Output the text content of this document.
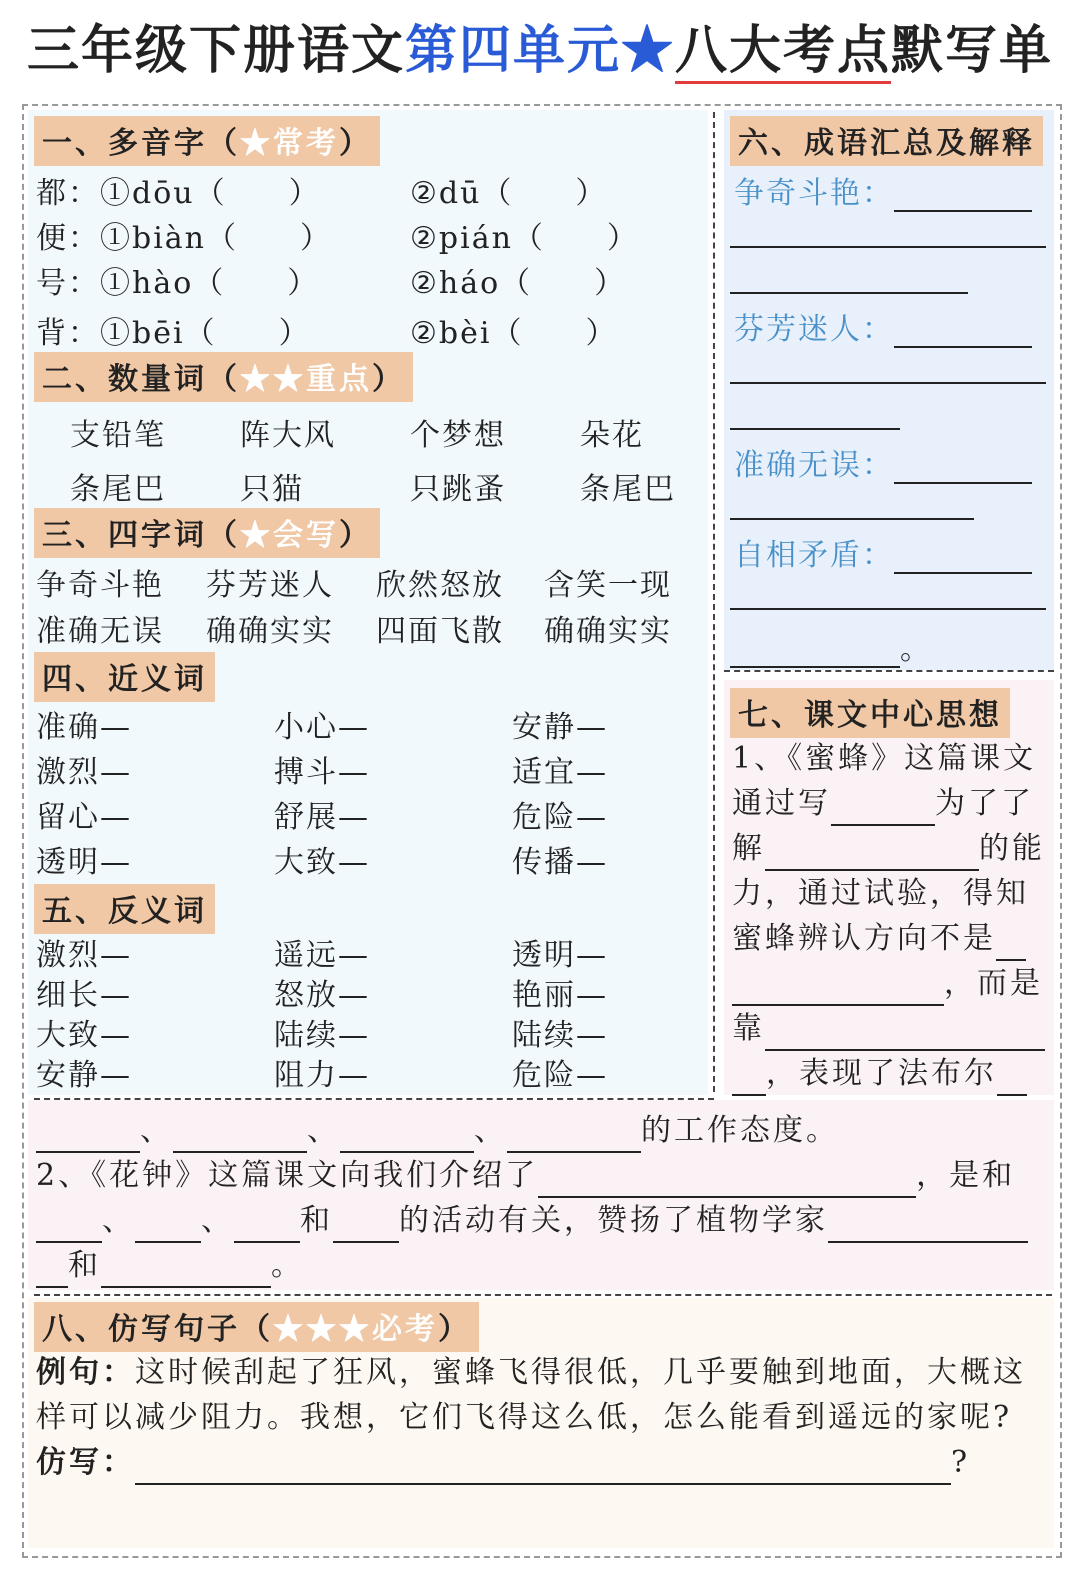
三年级下册语文第四单元★八大考点默写单
一、多音字（★常考）
都：①dōu（ ）	②dū（ ）
便：①biàn（ ）	②pián（ ）
号：①hào（ ）	②háo（ ）
背：①bēi（ ）	②bèi（ ）
二、数量词（★★重点）
支铅笔 阵大风 个梦想 朵花
条尾巴 只猫	只跳蚤 条尾巴
三、四字词（★会写）
争奇斗艳 芬芳迷人 欣然怒放 含笑一现
准确无误 确确实实 四面飞散 确确实实
四、近义词
准确—	小心—	安静—
激烈—	搏斗—	适宜—
留心—	舒展—	危险—
透明—	大致—	传播—
五、反义词
激烈—	遥远—	透明—
细长—	怒放—	艳丽—
大致—	陆续—	陆续—
安静—	阻力—	危险—
六、成语汇总及解释
争奇斗艳：
芬芳迷人：
准确无误：
自相矛盾：
。
七、课文中心思想
1、《蜜蜂》这篇课文
通过写	为了了
解	的能
力，通过试验，得知
蜜蜂辨认方向不是
，而是
靠
，表现了法布尔
、	、	、	的工作态度。
2、《花钟》这篇课文向我们介绍了	，是和
、 、 和 的活动有关，赞扬了植物学家
和	。
八、仿写句子（★★★必考）
例句：这时候刮起了狂风，蜜蜂飞得很低，几乎要触到地面，大概这
样可以减少阻力。我想，它们飞得这么低，怎么能看到遥远的家呢?
仿写：	?
